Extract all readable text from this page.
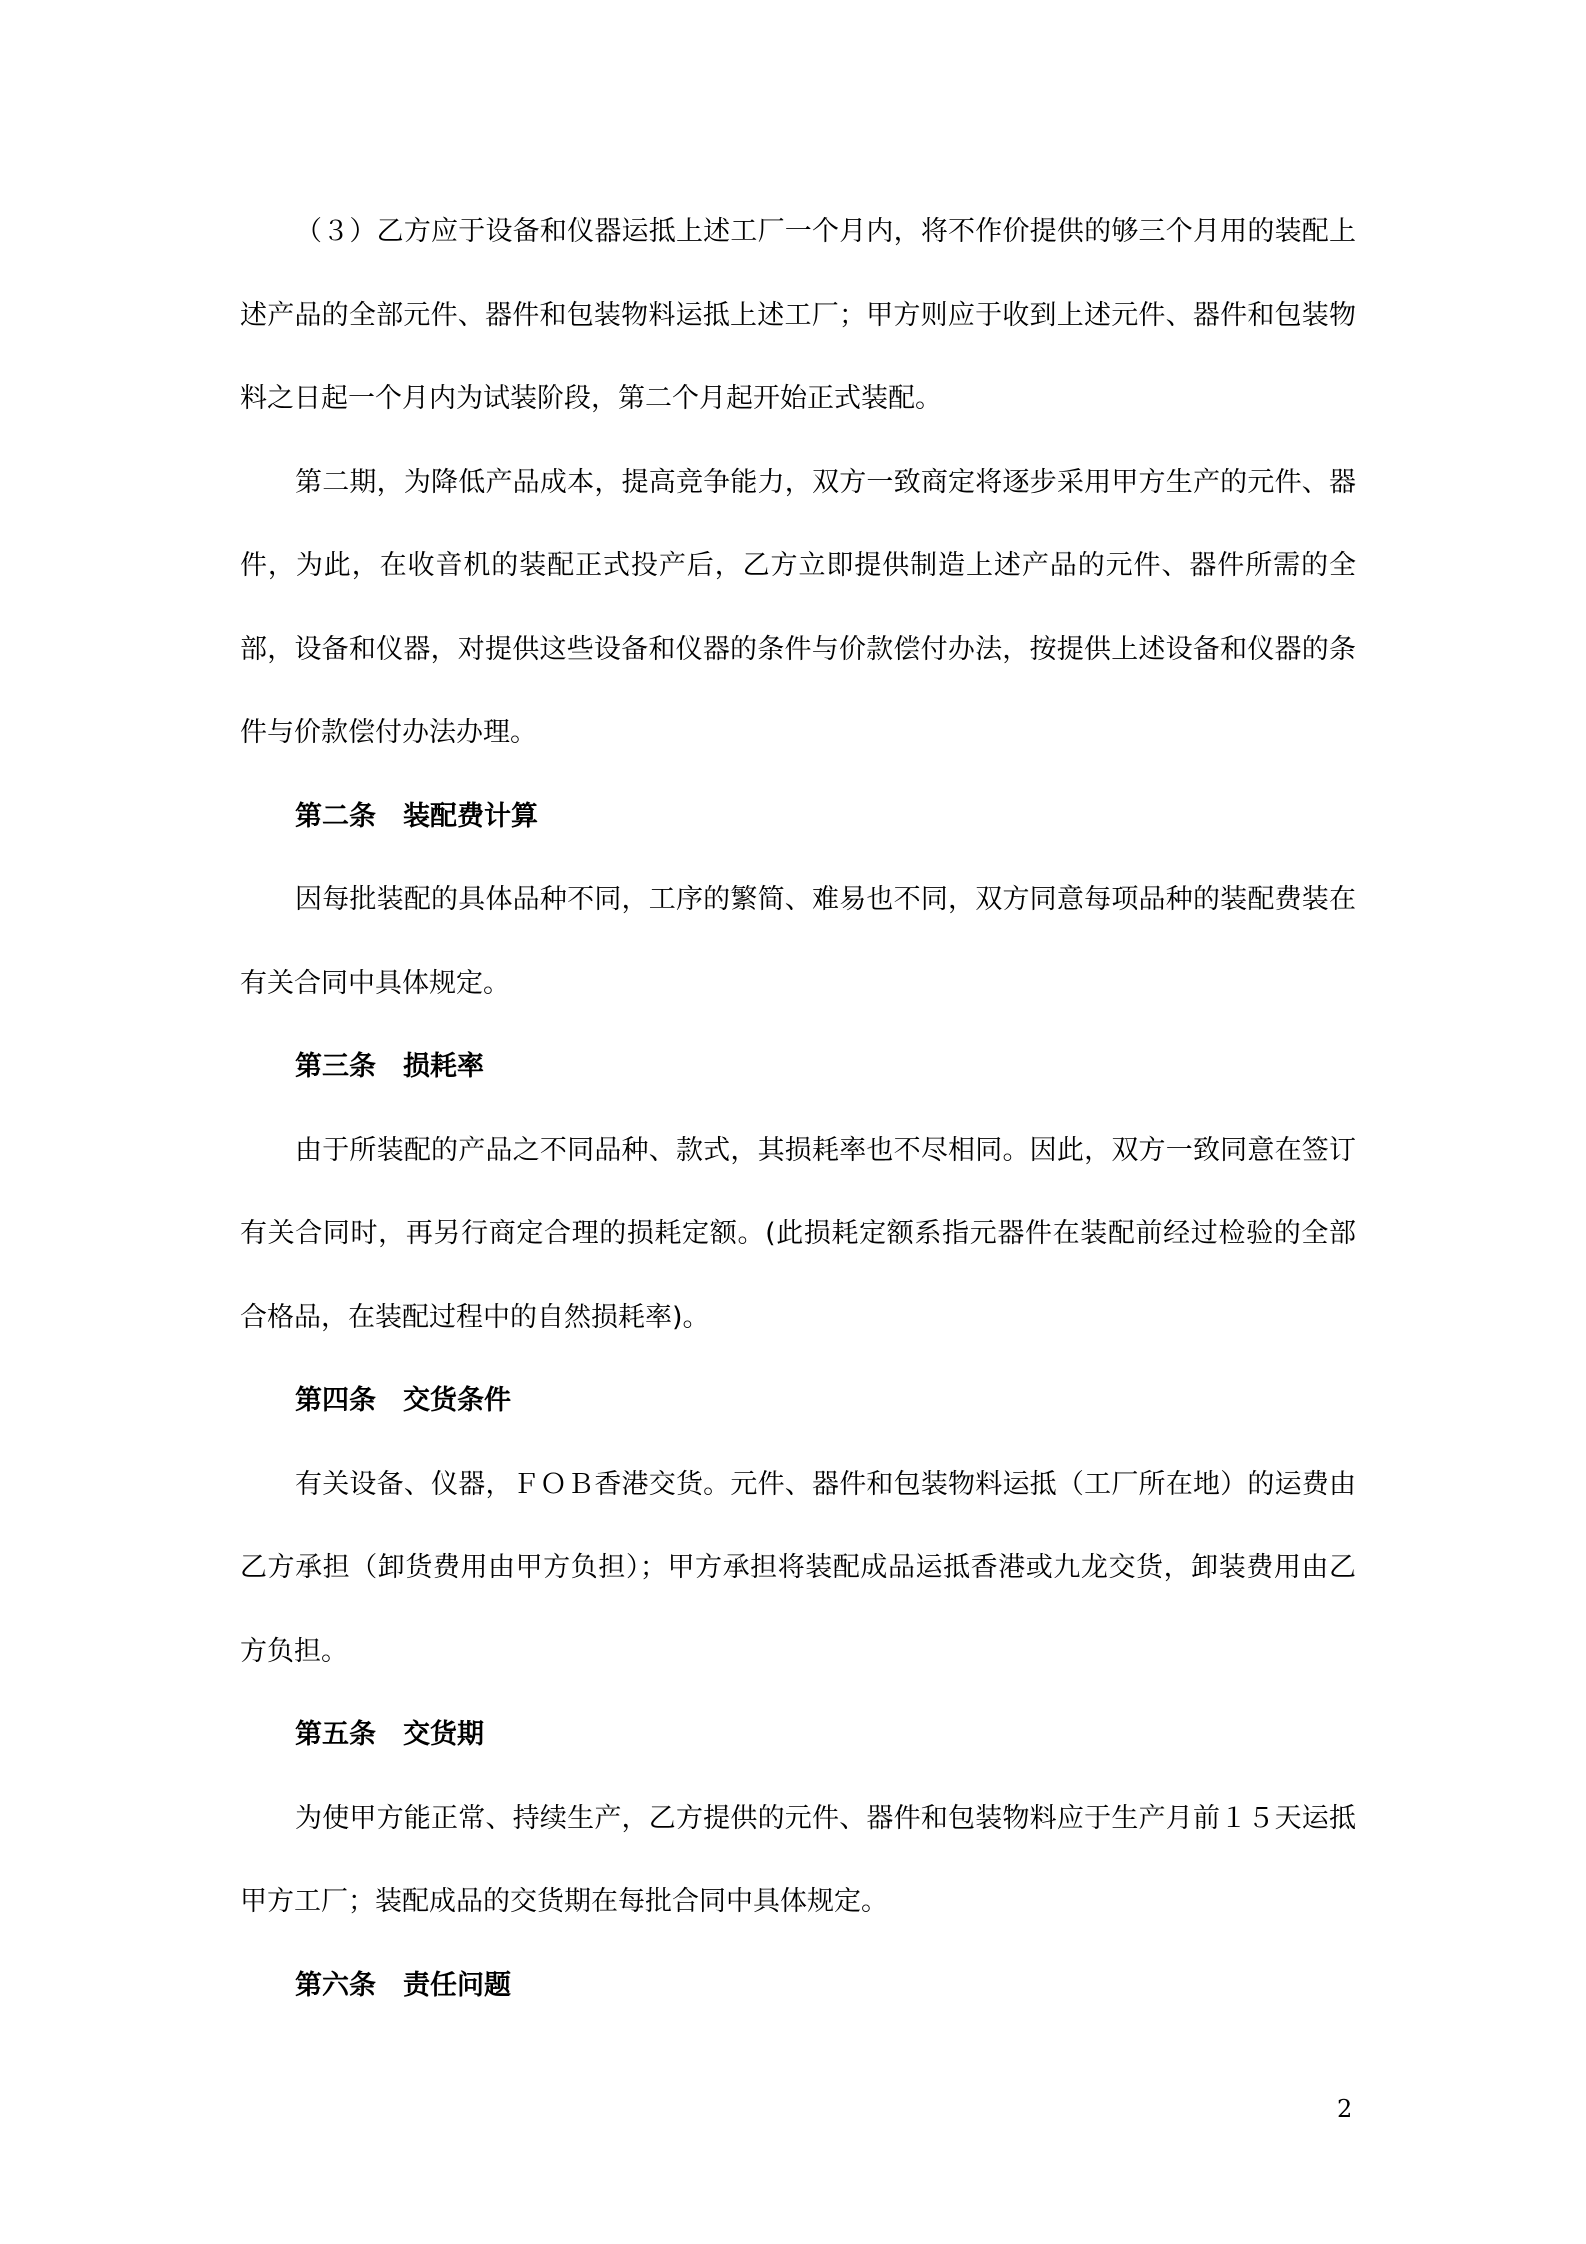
（３）乙方应于设备和仪器运抵上述工厂一个月内，将不作价提供的够三个月用的装配上述产品的全部元件、器件和包装物料运抵上述工厂；甲方则应于收到上述元件、器件和包装物料之日起一个月内为试装阶段，第二个月起开始正式装配。

第二期，为降低产品成本，提高竞争能力，双方一致商定将逐步采用甲方生产的元件、器件，为此，在收音机的装配正式投产后，乙方立即提供制造上述产品的元件、器件所需的全部，设备和仪器，对提供这些设备和仪器的条件与价款偿付办法，按提供上述设备和仪器的条件与价款偿付办法办理。

第二条　装配费计算

因每批装配的具体品种不同，工序的繁简、难易也不同，双方同意每项品种的装配费装在有关合同中具体规定。

第三条　损耗率

由于所装配的产品之不同品种、款式，其损耗率也不尽相同。因此，双方一致同意在签订有关合同时，再另行商定合理的损耗定额。(此损耗定额系指元器件在装配前经过检验的全部合格品，在装配过程中的自然损耗率)。

第四条　交货条件

有关设备、仪器，ＦＯＢ香港交货。元件、器件和包装物料运抵（工厂所在地）的运费由乙方承担（卸货费用由甲方负担）；甲方承担将装配成品运抵香港或九龙交货，卸装费用由乙方负担。

第五条　交货期

为使甲方能正常、持续生产，乙方提供的元件、器件和包装物料应于生产月前１５天运抵甲方工厂；装配成品的交货期在每批合同中具体规定。

第六条　责任问题

2
